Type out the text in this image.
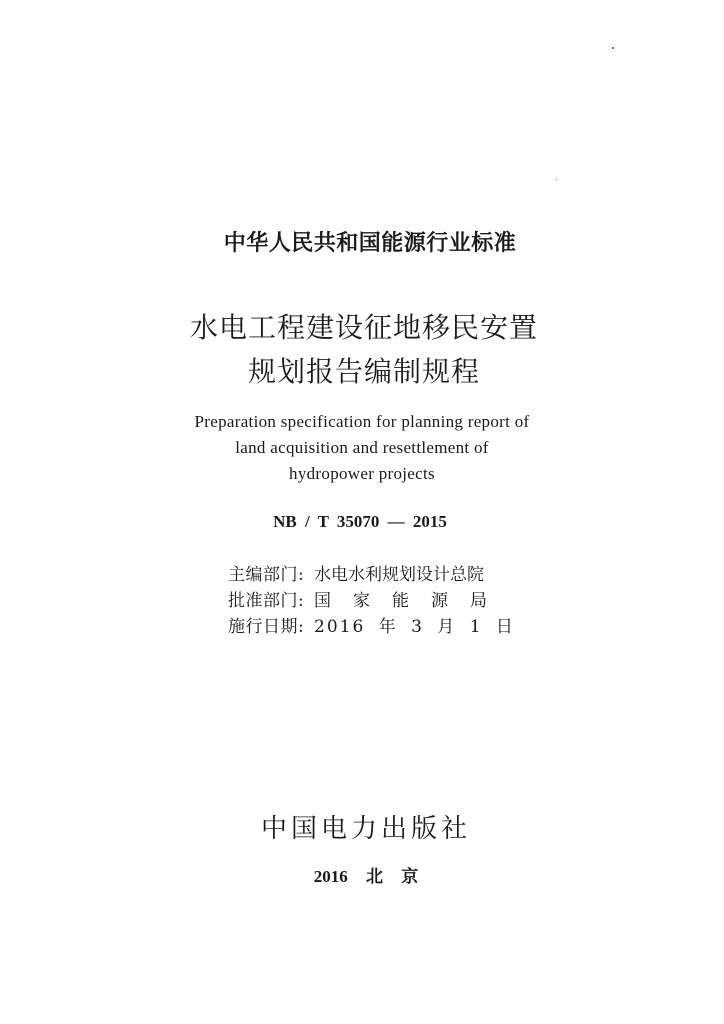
中华人民共和国能源行业标准
水电工程建设征地移民安置
规划报告编制规程
Preparation specification for planning report of
land acquisition and resettlement of
hydropower projects
NB / T 35070 — 2015
主编部门: 水电水利规划设计总院
批准部门: 国家能源局
施行日期: 2016 年 3 月 1 日
中国电力出版社
2016 北 京
